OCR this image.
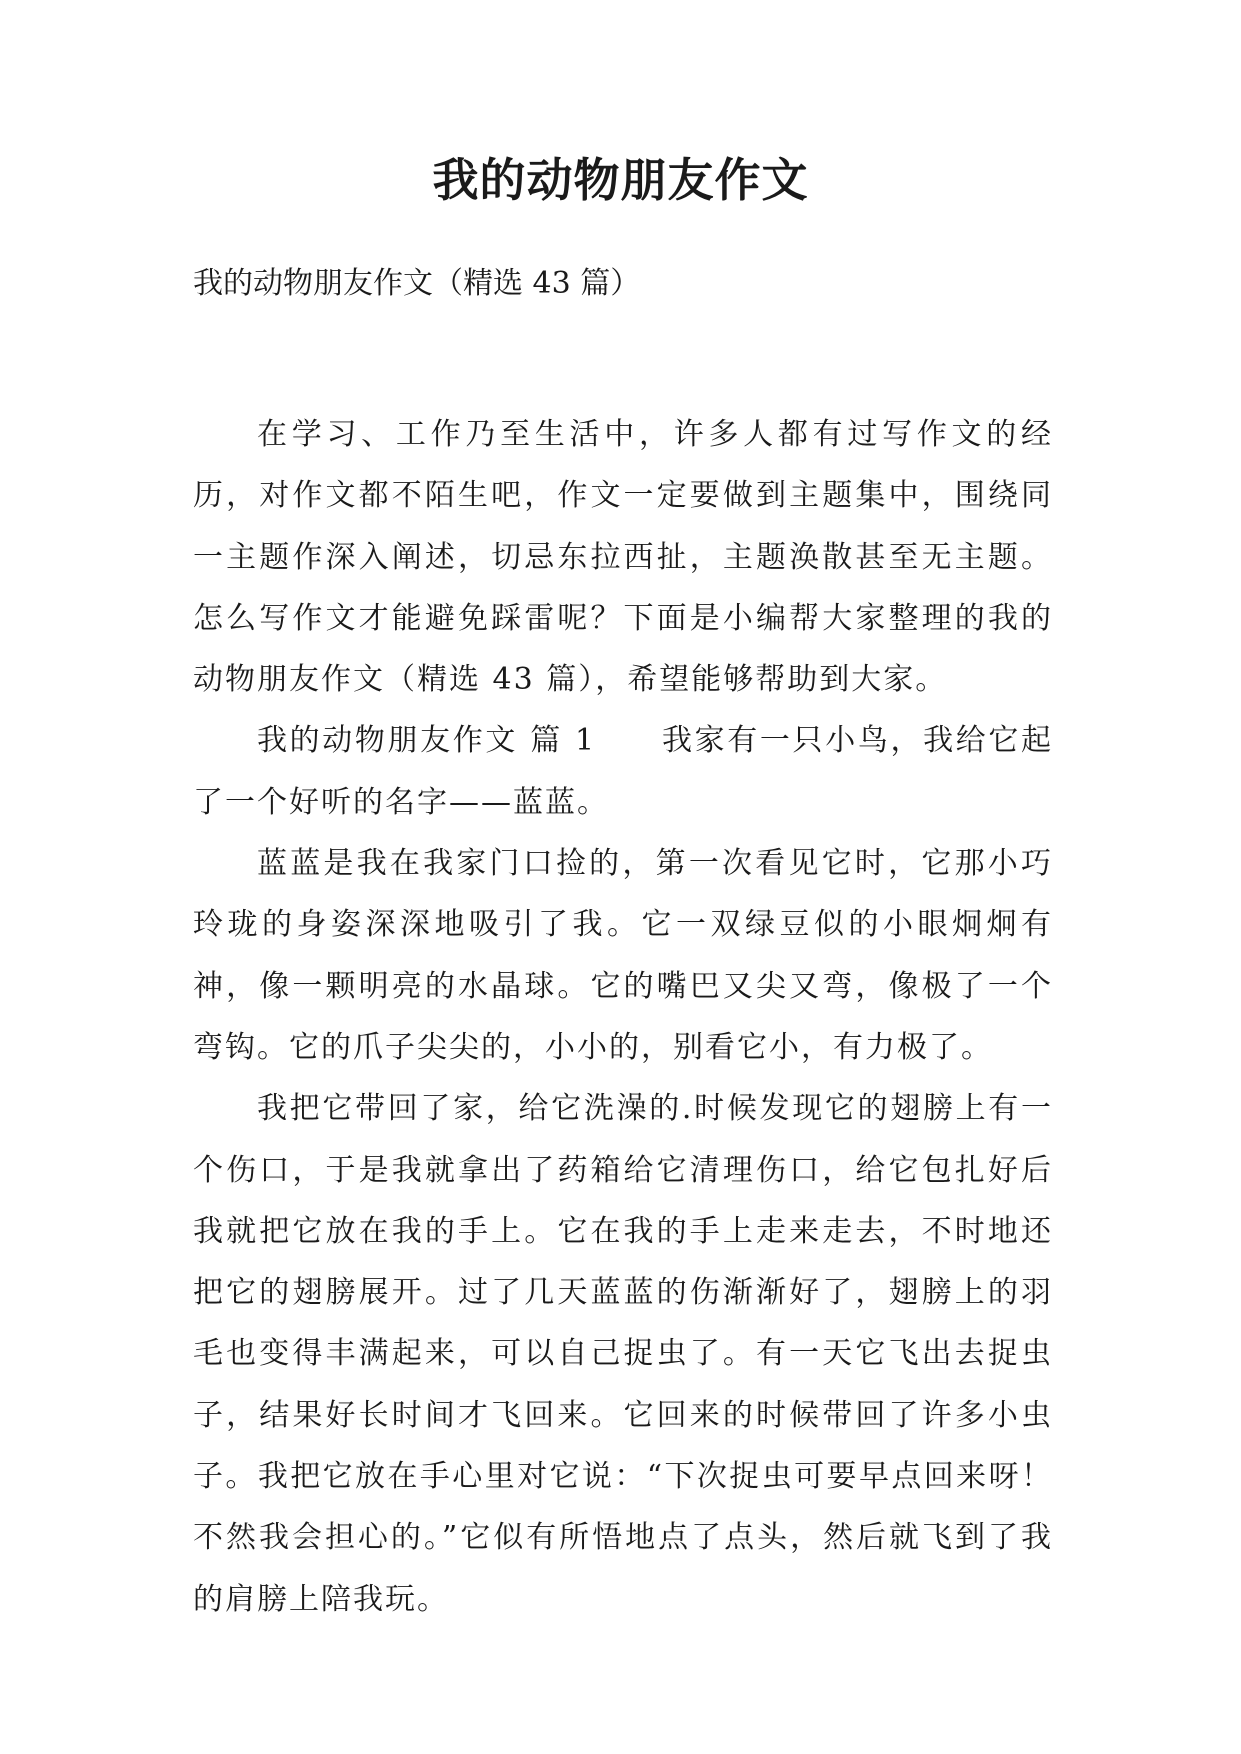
我的动物朋友作文

我的动物朋友作文（精选 43 篇）

在学习、工作乃至生活中，许多人都有过写作文的经历，对作文都不陌生吧，作文一定要做到主题集中，围绕同一主题作深入阐述，切忌东拉西扯，主题涣散甚至无主题。怎么写作文才能避免踩雷呢？下面是小编帮大家整理的我的动物朋友作文（精选 43 篇），希望能够帮助到大家。

我的动物朋友作文 篇 1　　我家有一只小鸟，我给它起了一个好听的名字——蓝蓝。

蓝蓝是我在我家门口捡的，第一次看见它时，它那小巧玲珑的身姿深深地吸引了我。它一双绿豆似的小眼炯炯有神，像一颗明亮的水晶球。它的嘴巴又尖又弯，像极了一个弯钩。它的爪子尖尖的，小小的，别看它小，有力极了。

我把它带回了家，给它洗澡的.时候发现它的翅膀上有一个伤口，于是我就拿出了药箱给它清理伤口，给它包扎好后我就把它放在我的手上。它在我的手上走来走去，不时地还把它的翅膀展开。过了几天蓝蓝的伤渐渐好了，翅膀上的羽毛也变得丰满起来，可以自己捉虫了。有一天它飞出去捉虫子，结果好长时间才飞回来。它回来的时候带回了许多小虫子。我把它放在手心里对它说：“下次捉虫可要早点回来呀！不然我会担心的。”它似有所悟地点了点头，然后就飞到了我的肩膀上陪我玩。
